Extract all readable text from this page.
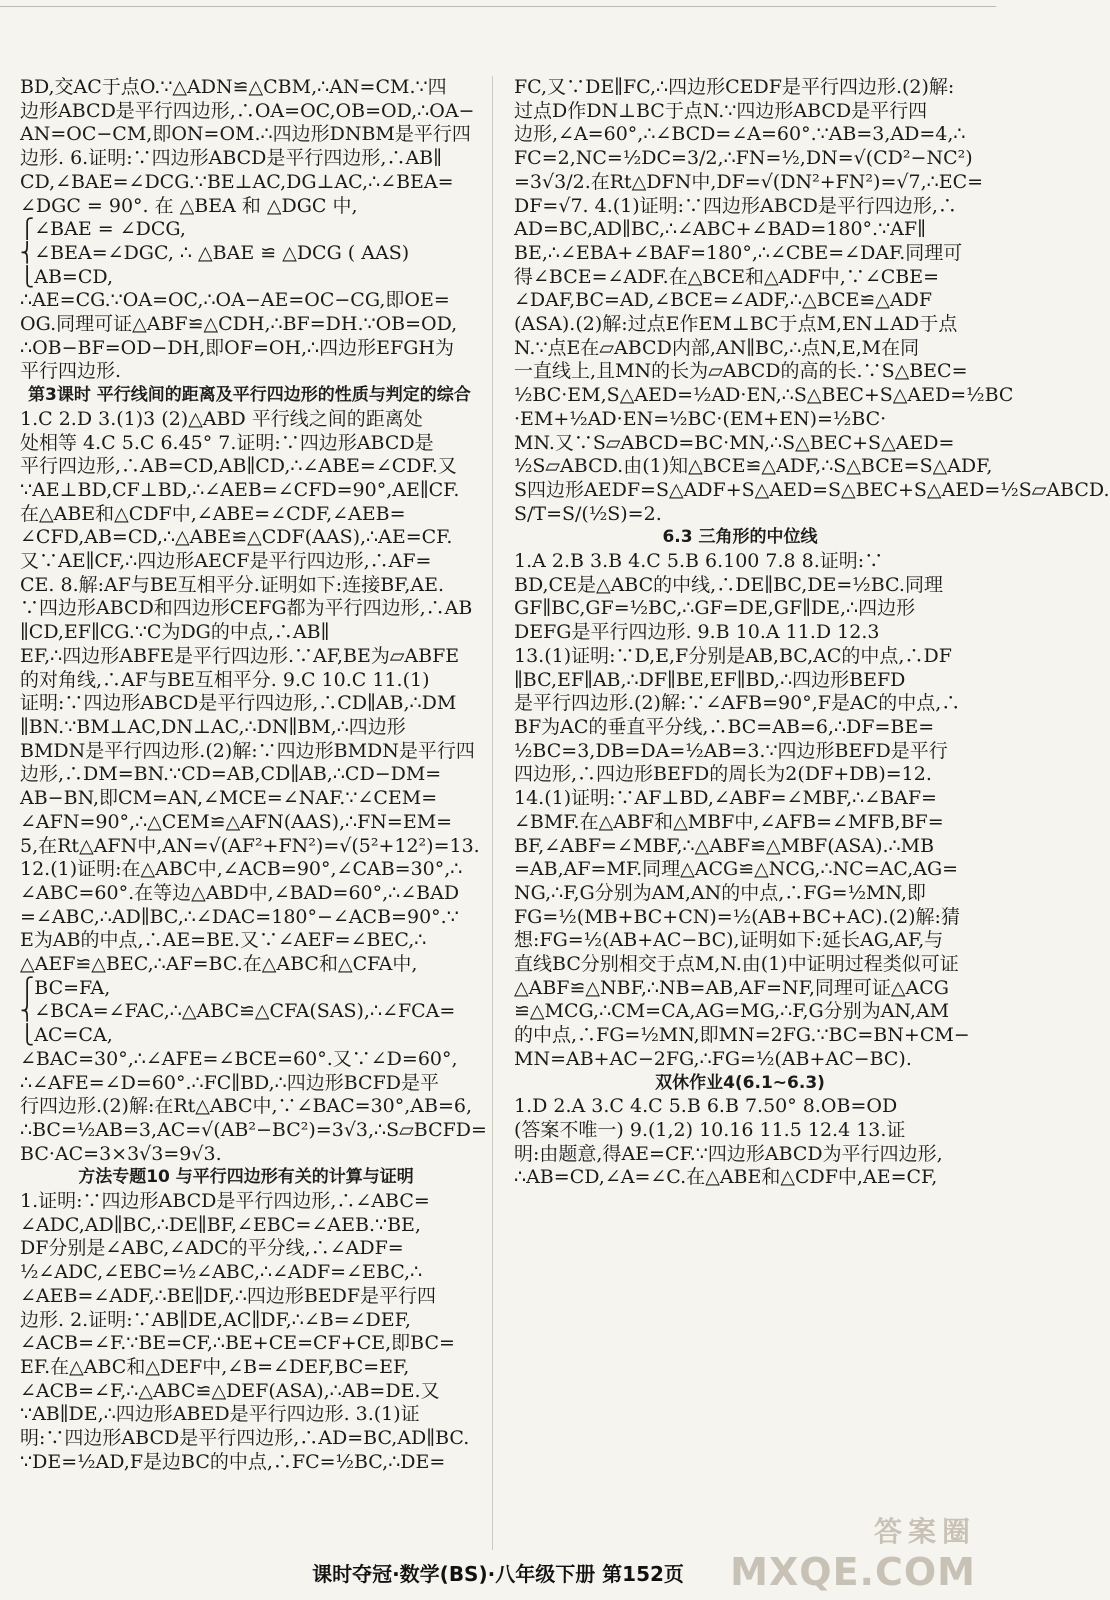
BD,交AC于点O.∵△ADN≌△CBM,∴AN=CM.∵四
边形ABCD是平行四边形,∴OA=OC,OB=OD,∴OA−
AN=OC−CM,即ON=OM.∴四边形DNBM是平行四
边形. 6.证明:∵四边形ABCD是平行四边形,∴AB∥
CD,∠BAE=∠DCG.∵BE⊥AC,DG⊥AC,∴∠BEA=
∠DGC = 90°. 在 △BEA 和 △DGC 中,
⎧∠BAE = ∠DCG,
⎨∠BEA=∠DGC, ∴ △BAE ≌ △DCG ( AAS)
⎩AB=CD,
∴AE=CG.∵OA=OC,∴OA−AE=OC−CG,即OE=
OG.同理可证△ABF≌△CDH,∴BF=DH.∵OB=OD,
∴OB−BF=OD−DH,即OF=OH,∴四边形EFGH为
平行四边形.
第3课时 平行线间的距离及平行四边形的性质与判定的综合
1.C 2.D 3.(1)3 (2)△ABD 平行线之间的距离处
处相等 4.C 5.C 6.45° 7.证明:∵四边形ABCD是
平行四边形,∴AB=CD,AB∥CD,∴∠ABE=∠CDF.又
∵AE⊥BD,CF⊥BD,∴∠AEB=∠CFD=90°,AE∥CF.
在△ABE和△CDF中,∠ABE=∠CDF,∠AEB=
∠CFD,AB=CD,∴△ABE≌△CDF(AAS),∴AE=CF.
又∵AE∥CF,∴四边形AECF是平行四边形,∴AF=
CE. 8.解:AF与BE互相平分.证明如下:连接BF,AE.
∵四边形ABCD和四边形CEFG都为平行四边形,∴AB
∥CD,EF∥CG.∵C为DG的中点,∴AB∥
EF,∴四边形ABFE是平行四边形.∵AF,BE为▱ABFE
的对角线,∴AF与BE互相平分. 9.C 10.C 11.(1)
证明:∵四边形ABCD是平行四边形,∴CD∥AB,∴DM
∥BN.∵BM⊥AC,DN⊥AC,∴DN∥BM,∴四边形
BMDN是平行四边形.(2)解:∵四边形BMDN是平行四
边形,∴DM=BN.∵CD=AB,CD∥AB,∴CD−DM=
AB−BN,即CM=AN,∠MCE=∠NAF.∵∠CEM=
∠AFN=90°,∴△CEM≌△AFN(AAS),∴FN=EM=
5,在Rt△AFN中,AN=√(AF²+FN²)=√(5²+12²)=13.
12.(1)证明:在△ABC中,∠ACB=90°,∠CAB=30°,∴
∠ABC=60°.在等边△ABD中,∠BAD=60°,∴∠BAD
=∠ABC,∴AD∥BC,∴∠DAC=180°−∠ACB=90°.∵
E为AB的中点,∴AE=BE.又∵∠AEF=∠BEC,∴
△AEF≌△BEC,∴AF=BC.在△ABC和△CFA中,
⎧BC=FA,
⎨∠BCA=∠FAC,∴△ABC≌△CFA(SAS),∴∠FCA=
⎩AC=CA,
∠BAC=30°,∴∠AFE=∠BCE=60°.又∵∠D=60°,
∴∠AFE=∠D=60°.∴FC∥BD,∴四边形BCFD是平
行四边形.(2)解:在Rt△ABC中,∵∠BAC=30°,AB=6,
∴BC=½AB=3,AC=√(AB²−BC²)=3√3,∴S▱BCFD=
BC·AC=3×3√3=9√3.
方法专题10 与平行四边形有关的计算与证明
1.证明:∵四边形ABCD是平行四边形,∴∠ABC=
∠ADC,AD∥BC,∴DE∥BF,∠EBC=∠AEB.∵BE,
DF分别是∠ABC,∠ADC的平分线,∴∠ADF=
½∠ADC,∠EBC=½∠ABC,∴∠ADF=∠EBC,∴
∠AEB=∠ADF,∴BE∥DF,∴四边形BEDF是平行四
边形. 2.证明:∵AB∥DE,AC∥DF,∴∠B=∠DEF,
∠ACB=∠F.∵BE=CF,∴BE+CE=CF+CE,即BC=
EF.在△ABC和△DEF中,∠B=∠DEF,BC=EF,
∠ACB=∠F,∴△ABC≌△DEF(ASA),∴AB=DE.又
∵AB∥DE,∴四边形ABED是平行四边形. 3.(1)证
明:∵四边形ABCD是平行四边形,∴AD=BC,AD∥BC.
∵DE=½AD,F是边BC的中点,∴FC=½BC,∴DE=
FC,又∵DE∥FC,∴四边形CEDF是平行四边形.(2)解:
过点D作DN⊥BC于点N.∵四边形ABCD是平行四
边形,∠A=60°,∴∠BCD=∠A=60°.∵AB=3,AD=4,∴
FC=2,NC=½DC=3/2,∴FN=½,DN=√(CD²−NC²)
=3√3/2.在Rt△DFN中,DF=√(DN²+FN²)=√7,∴EC=
DF=√7. 4.(1)证明:∵四边形ABCD是平行四边形,∴
AD=BC,AD∥BC,∴∠ABC+∠BAD=180°.∵AF∥
BE,∴∠EBA+∠BAF=180°,∴∠CBE=∠DAF.同理可
得∠BCE=∠ADF.在△BCE和△ADF中,∵∠CBE=
∠DAF,BC=AD,∠BCE=∠ADF,∴△BCE≌△ADF
(ASA).(2)解:过点E作EM⊥BC于点M,EN⊥AD于点
N.∵点E在▱ABCD内部,AN∥BC,∴点N,E,M在同
一直线上,且MN的长为▱ABCD的高的长.∵S△BEC=
½BC·EM,S△AED=½AD·EN,∴S△BEC+S△AED=½BC
·EM+½AD·EN=½BC·(EM+EN)=½BC·
MN.又∵S▱ABCD=BC·MN,∴S△BEC+S△AED=
½S▱ABCD.由(1)知△BCE≌△ADF,∴S△BCE=S△ADF,
S四边形AEDF=S△ADF+S△AED=S△BEC+S△AED=½S▱ABCD.
S/T=S/(½S)=2.
6.3 三角形的中位线
1.A 2.B 3.B 4.C 5.B 6.100 7.8 8.证明:∵
BD,CE是△ABC的中线,∴DE∥BC,DE=½BC.同理
GF∥BC,GF=½BC,∴GF=DE,GF∥DE,∴四边形
DEFG是平行四边形. 9.B 10.A 11.D 12.3
13.(1)证明:∵D,E,F分别是AB,BC,AC的中点,∴DF
∥BC,EF∥AB,∴DF∥BE,EF∥BD,∴四边形BEFD
是平行四边形.(2)解:∵∠AFB=90°,F是AC的中点,∴
BF为AC的垂直平分线,∴BC=AB=6,∴DF=BE=
½BC=3,DB=DA=½AB=3.∵四边形BEFD是平行
四边形,∴四边形BEFD的周长为2(DF+DB)=12.
14.(1)证明:∵AF⊥BD,∠ABF=∠MBF,∴∠BAF=
∠BMF.在△ABF和△MBF中,∠AFB=∠MFB,BF=
BF,∠ABF=∠MBF,∴△ABF≌△MBF(ASA).∴MB
=AB,AF=MF.同理△ACG≌△NCG,∴NC=AC,AG=
NG,∴F,G分别为AM,AN的中点,∴FG=½MN,即
FG=½(MB+BC+CN)=½(AB+BC+AC).(2)解:猜
想:FG=½(AB+AC−BC),证明如下:延长AG,AF,与
直线BC分别相交于点M,N.由(1)中证明过程类似可证
△ABF≌△NBF,∴NB=AB,AF=NF,同理可证△ACG
≌△MCG,∴CM=CA,AG=MG,∴F,G分别为AN,AM
的中点,∴FG=½MN,即MN=2FG.∵BC=BN+CM−
MN=AB+AC−2FG,∴FG=½(AB+AC−BC).
双休作业4(6.1~6.3)
1.D 2.A 3.C 4.C 5.B 6.B 7.50° 8.OB=OD
(答案不唯一) 9.(1,2) 10.16 11.5 12.4 13.证
明:由题意,得AE=CF.∵四边形ABCD为平行四边形,
∴AB=CD,∠A=∠C.在△ABE和△CDF中,AE=CF,
课时夺冠·数学(BS)·八年级下册 第152页
答案圈
MXQE.COM
